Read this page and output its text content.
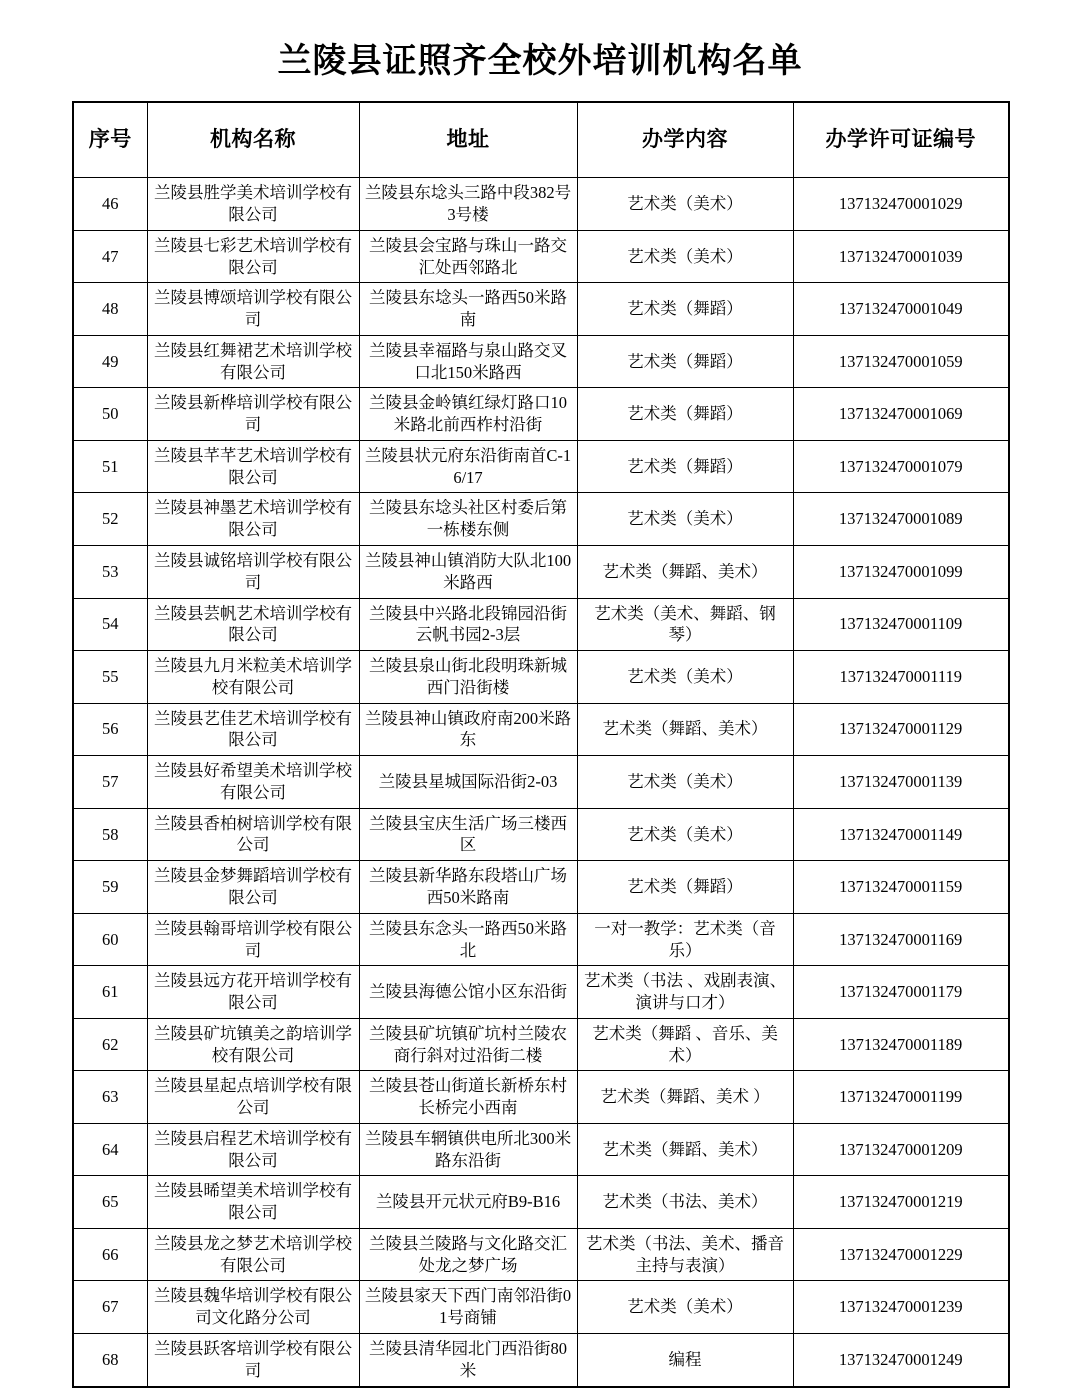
兰陵县证照齐全校外培训机构名单
序号	机构名称	地址	办学内容	办学许可证编号
46	兰陵县胜学美术培训学校有限公司	兰陵县东埝头三路中段382号3号楼	艺术类（美术）	137132470001029
47	兰陵县七彩艺术培训学校有限公司	兰陵县会宝路与珠山一路交汇处西邻路北	艺术类（美术）	137132470001039
48	兰陵县博颂培训学校有限公司	兰陵县东埝头一路西50米路南	艺术类（舞蹈）	137132470001049
49	兰陵县红舞裙艺术培训学校有限公司	兰陵县幸福路与泉山路交叉口北150米路西	艺术类（舞蹈）	137132470001059
50	兰陵县新桦培训学校有限公司	兰陵县金岭镇红绿灯路口10米路北前西柞村沿街	艺术类（舞蹈）	137132470001069
51	兰陵县芊芊艺术培训学校有限公司	兰陵县状元府东沿街南首C-16/17	艺术类（舞蹈）	137132470001079
52	兰陵县神墨艺术培训学校有限公司	兰陵县东埝头社区村委后第一栋楼东侧	艺术类（美术）	137132470001089
53	兰陵县诚铭培训学校有限公司	兰陵县神山镇消防大队北100米路西	艺术类（舞蹈、美术）	137132470001099
54	兰陵县芸帆艺术培训学校有限公司	兰陵县中兴路北段锦园沿街云帆书园2-3层	艺术类（美术、舞蹈、钢琴）	137132470001109
55	兰陵县九月米粒美术培训学校有限公司	兰陵县泉山街北段明珠新城西门沿街楼	艺术类（美术）	137132470001119
56	兰陵县艺佳艺术培训学校有限公司	兰陵县神山镇政府南200米路东	艺术类（舞蹈、美术）	137132470001129
57	兰陵县好希望美术培训学校有限公司	兰陵县星城国际沿街2-03	艺术类（美术）	137132470001139
58	兰陵县香柏树培训学校有限公司	兰陵县宝庆生活广场三楼西区	艺术类（美术）	137132470001149
59	兰陵县金梦舞蹈培训学校有限公司	兰陵县新华路东段塔山广场西50米路南	艺术类（舞蹈）	137132470001159
60	兰陵县翰哥培训学校有限公司	兰陵县东念头一路西50米路北	一对一教学：艺术类（音乐）	137132470001169
61	兰陵县远方花开培训学校有限公司	兰陵县海德公馆小区东沿街	艺术类（书法 、戏剧表演、演讲与口才）	137132470001179
62	兰陵县矿坑镇美之韵培训学校有限公司	兰陵县矿坑镇矿坑村兰陵农商行斜对过沿街二楼	艺术类（舞蹈 、音乐、美术）	137132470001189
63	兰陵县星起点培训学校有限公司	兰陵县苍山街道长新桥东村长桥完小西南	艺术类（舞蹈、美术 ）	137132470001199
64	兰陵县启程艺术培训学校有限公司	兰陵县车辋镇供电所北300米路东沿街	艺术类（舞蹈、美术）	137132470001209
65	兰陵县晞望美术培训学校有限公司	兰陵县开元状元府B9-B16	艺术类（书法、美术）	137132470001219
66	兰陵县龙之梦艺术培训学校有限公司	兰陵县兰陵路与文化路交汇处龙之梦广场	艺术类（书法、美术、播音主持与表演）	137132470001229
67	兰陵县魏华培训学校有限公司文化路分公司	兰陵县家天下西门南邻沿街01号商铺	艺术类（美术）	137132470001239
68	兰陵县跃客培训学校有限公司	兰陵县清华园北门西沿街80米	编程	137132470001249
